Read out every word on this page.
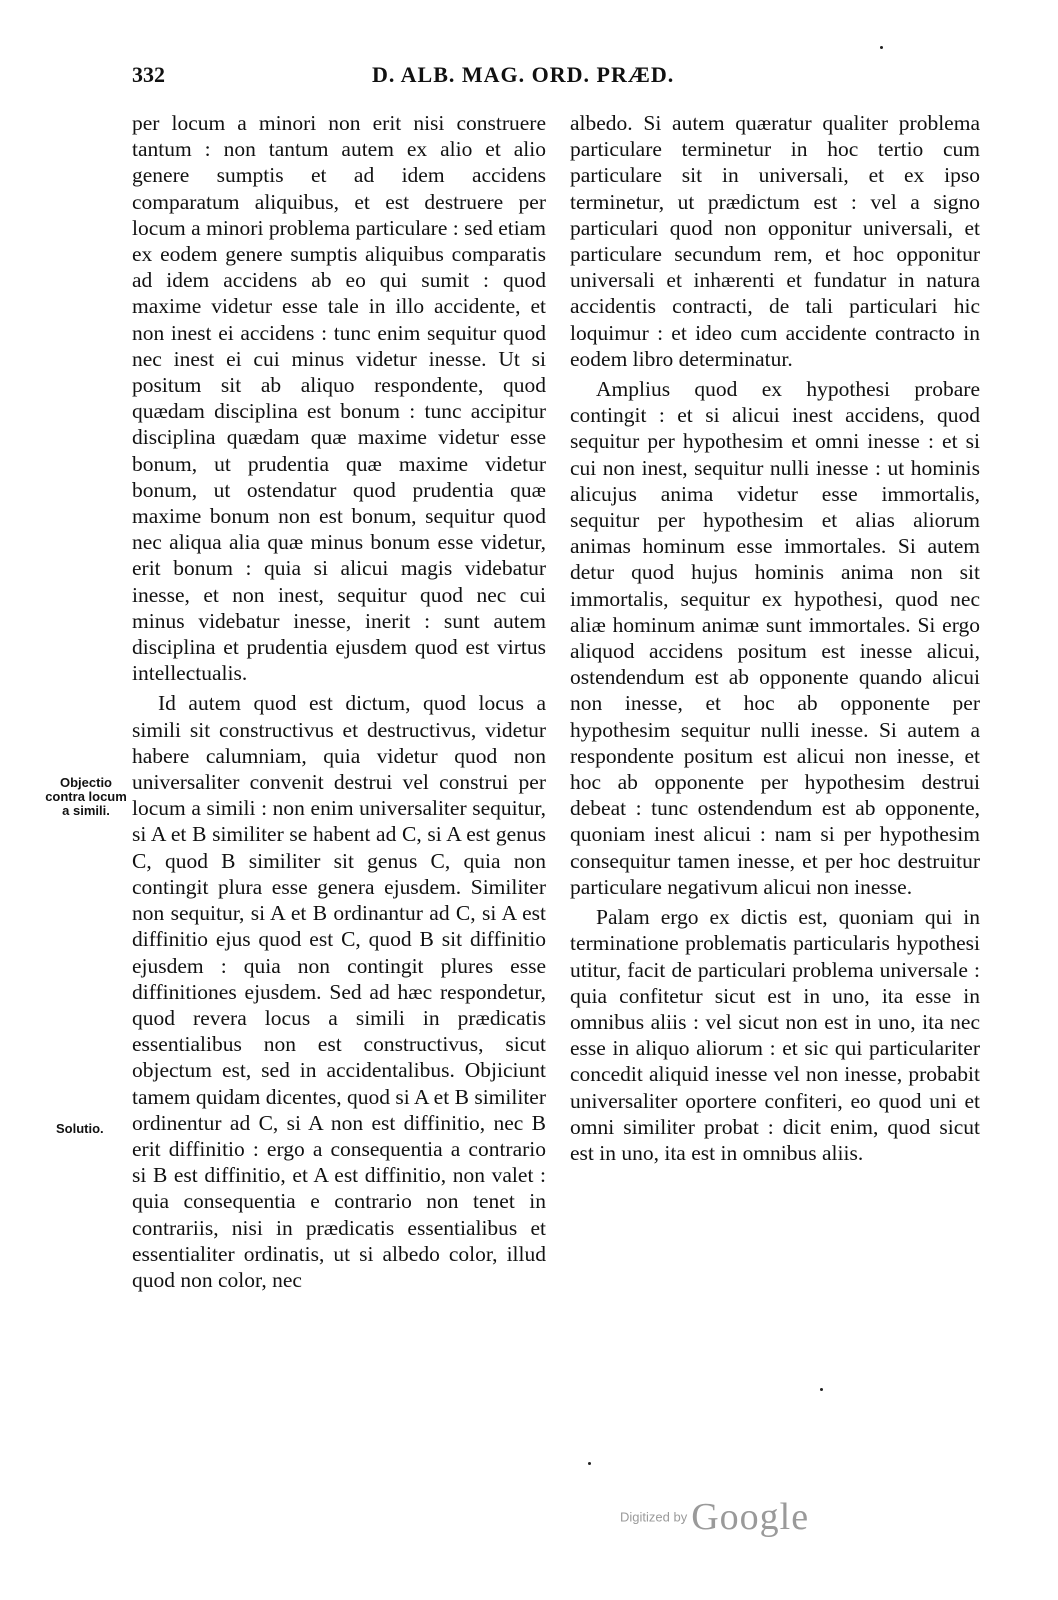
332	D. ALB. MAG. ORD. PRÆD.
Objectio contra locum a simili.
Solutio.

per locum a minori non erit nisi construere tantum : non tantum autem ex alio et alio genere sumptis et ad idem accidens comparatum aliquibus, et est destruere per locum a minori problema particulare : sed etiam ex eodem genere sumptis aliquibus comparatis ad idem accidens ab eo qui sumit : quod maxime videtur esse tale in illo accidente, et non inest ei accidens : tunc enim sequitur quod nec inest ei cui minus videtur inesse. Ut si positum sit ab aliquo respondente, quod quædam disciplina est bonum : tunc accipitur disciplina quædam quæ maxime videtur esse bonum, ut prudentia quæ maxime videtur bonum, ut ostendatur quod prudentia quæ maxime bonum non est bonum, sequitur quod nec aliqua alia quæ minus bonum esse videtur, erit bonum : quia si alicui magis videbatur inesse, et non inest, sequitur quod nec cui minus videbatur inesse, inerit : sunt autem disciplina et prudentia ejusdem quod est virtus intellectualis.

Id autem quod est dictum, quod locus a simili sit constructivus et destructivus, videtur habere calumniam, quia videtur quod non universaliter convenit destrui vel construi per locum a simili : non enim universaliter sequitur, si A et B similiter se habent ad C, si A est genus C, quod B similiter sit genus C, quia non contingit plura esse genera ejusdem. Similiter non sequitur, si A et B ordinantur ad C, si A est diffinitio ejus quod est C, quod B sit diffinitio ejusdem : quia non contingit plures esse diffinitiones ejusdem. Sed ad hæc respondetur, quod revera locus a simili in prædicatis essentialibus non est constructivus, sicut objectum est, sed in accidentalibus. Objiciunt tamem quidam dicentes, quod si A et B similiter ordinentur ad C, si A non est diffinitio, nec B erit diffinitio : ergo a consequentia a contrario si B est diffinitio, et A est diffinitio, non valet : quia consequentia e contrario non tenet in contrariis, nisi in prædicatis essentialibus et essentialiter ordinatis, ut si albedo color, illud quod non color, nec

albedo. Si autem quæratur qualiter problema particulare terminetur in hoc tertio cum particulare sit in universali, et ex ipso terminetur, ut prædictum est : vel a signo particulari quod non opponitur universali, et particulare secundum rem, et hoc opponitur universali et inhærenti et fundatur in natura accidentis contracti, de tali particulari hic loquimur : et ideo cum accidente contracto in eodem libro determinatur.

Amplius quod ex hypothesi probare contingit : et si alicui inest accidens, quod sequitur per hypothesim et omni inesse : et si cui non inest, sequitur nulli inesse : ut hominis alicujus anima videtur esse immortalis, sequitur per hypothesim et alias aliorum animas hominum esse immortales. Si autem detur quod hujus hominis anima non sit immortalis, sequitur ex hypothesi, quod nec aliæ hominum animæ sunt immortales. Si ergo aliquod accidens positum est inesse alicui, ostendendum est ab opponente quando alicui non inesse, et hoc ab opponente per hypothesim sequitur nulli inesse. Si autem a respondente positum est alicui non inesse, et hoc ab opponente per hypothesim destrui debeat : tunc ostendendum est ab opponente, quoniam inest alicui : nam si per hypothesim consequitur tamen inesse, et per hoc destruitur particulare negativum alicui non inesse.

Palam ergo ex dictis est, quoniam qui in terminatione problematis particularis hypothesi utitur, facit de particulari problema universale : quia confitetur sicut est in uno, ita esse in omnibus aliis : vel sicut non est in uno, ita nec esse in aliquo aliorum : et sic qui particulariter concedit aliquid inesse vel non inesse, probabit universaliter oportere confiteri, eo quod uni et omni similiter probat : dicit enim, quod sicut est in uno, ita est in omnibus aliis.

Digitized by Google
